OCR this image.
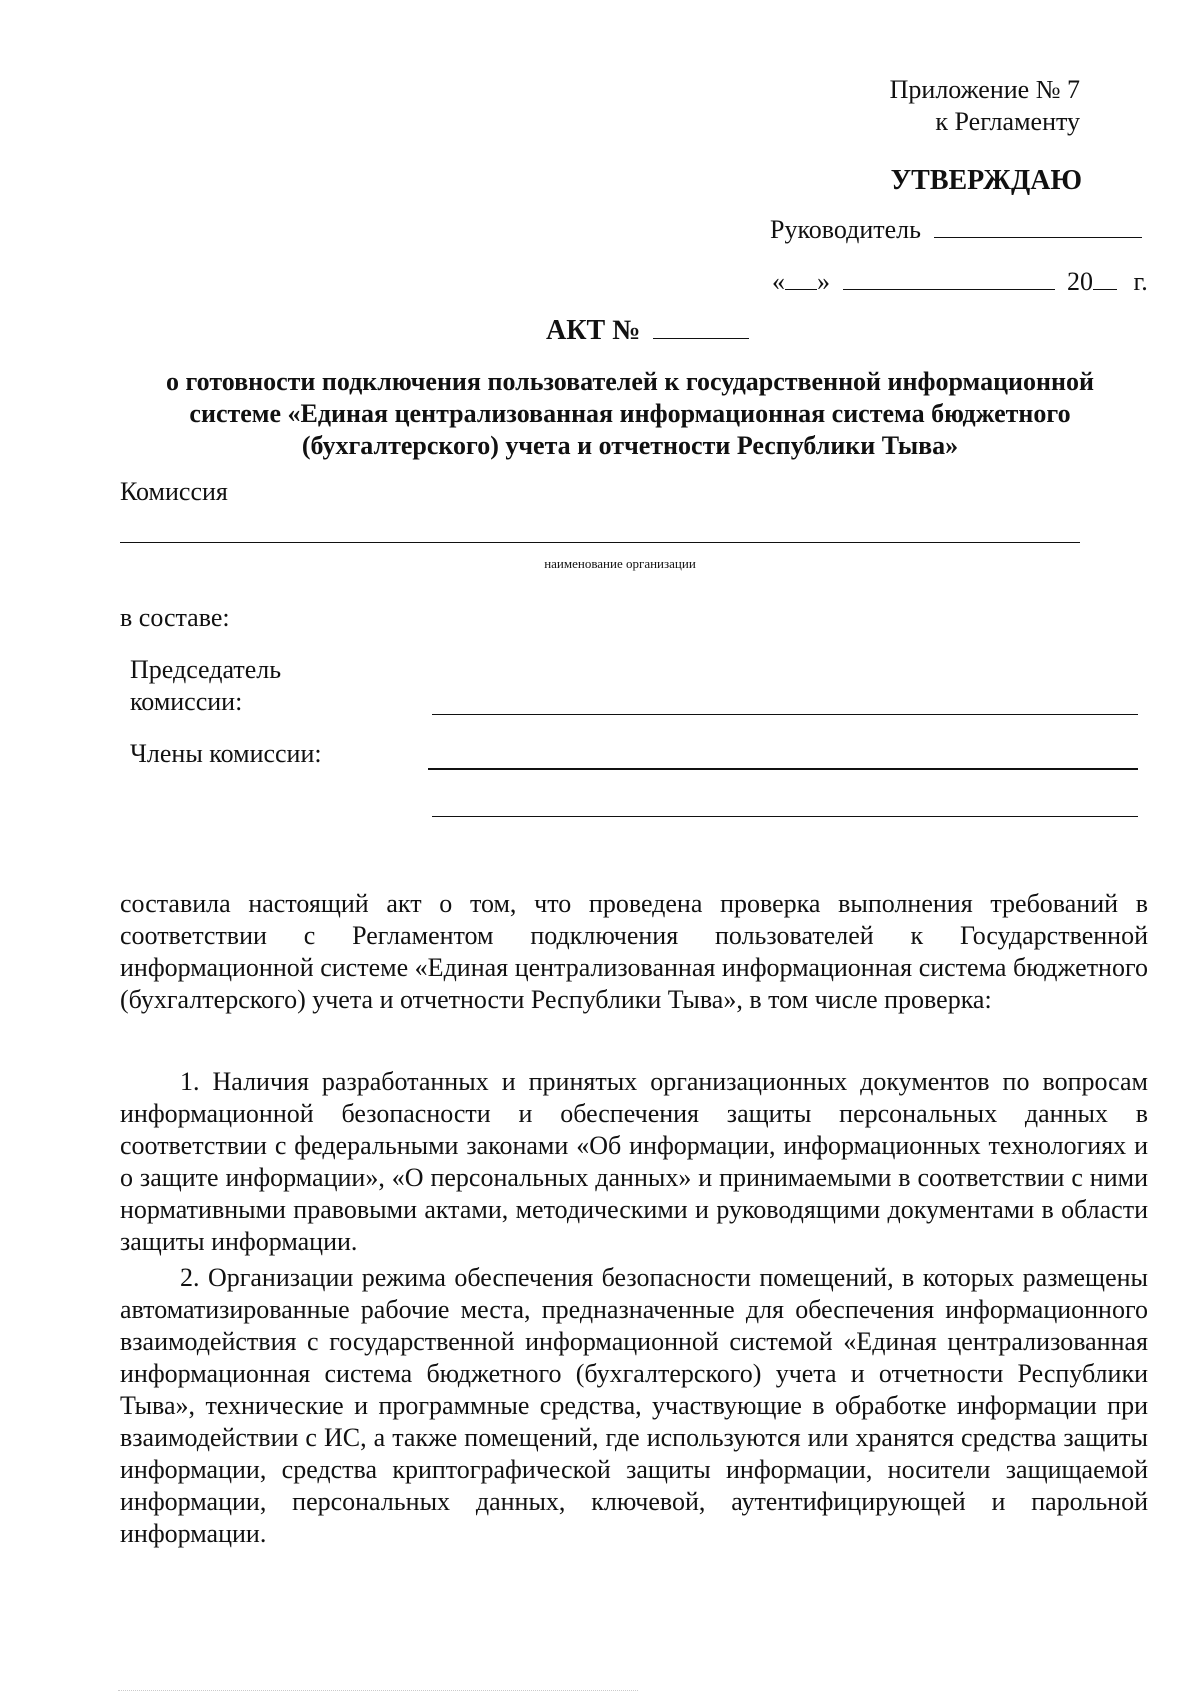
Приложение № 7
к Регламенту
УТВЕРЖДАЮ
Руководитель
« »	20 г.
АКТ №
о готовности подключения пользователей к государственной информационной
системе «Единая централизованная информационная система бюджетного
(бухгалтерского) учета и отчетности Республики Тыва»
Комиссия
наименование организации
в составе:
Председатель
комиссии:
Члены комиссии:
составила настоящий акт о том, что проведена проверка выполнения требований в соответствии с Регламентом подключения пользователей к Государственной информационной системе «Единая централизованная информационная система бюджетного (бухгалтерского) учета и отчетности Республики Тыва», в том числе проверка:
1. Наличия разработанных и принятых организационных документов по вопросам информационной безопасности и обеспечения защиты персональных данных в соответствии с федеральными законами «Об информации, информационных технологиях и о защите информации», «О персональных данных» и принимаемыми в соответствии с ними нормативными правовыми актами, методическими и руководящими документами в области защиты информации.
2. Организации режима обеспечения безопасности помещений, в которых размещены автоматизированные рабочие места, предназначенные для обеспечения информационного взаимодействия с государственной информационной системой «Единая централизованная информационная система бюджетного (бухгалтерского) учета и отчетности Республики Тыва», технические и программные средства, участвующие в обработке информации при взаимодействии с ИС, а также помещений, где используются или хранятся средства защиты информации, средства криптографической защиты информации, носители защищаемой информации, персональных данных, ключевой, аутентифицирующей и парольной информации.
